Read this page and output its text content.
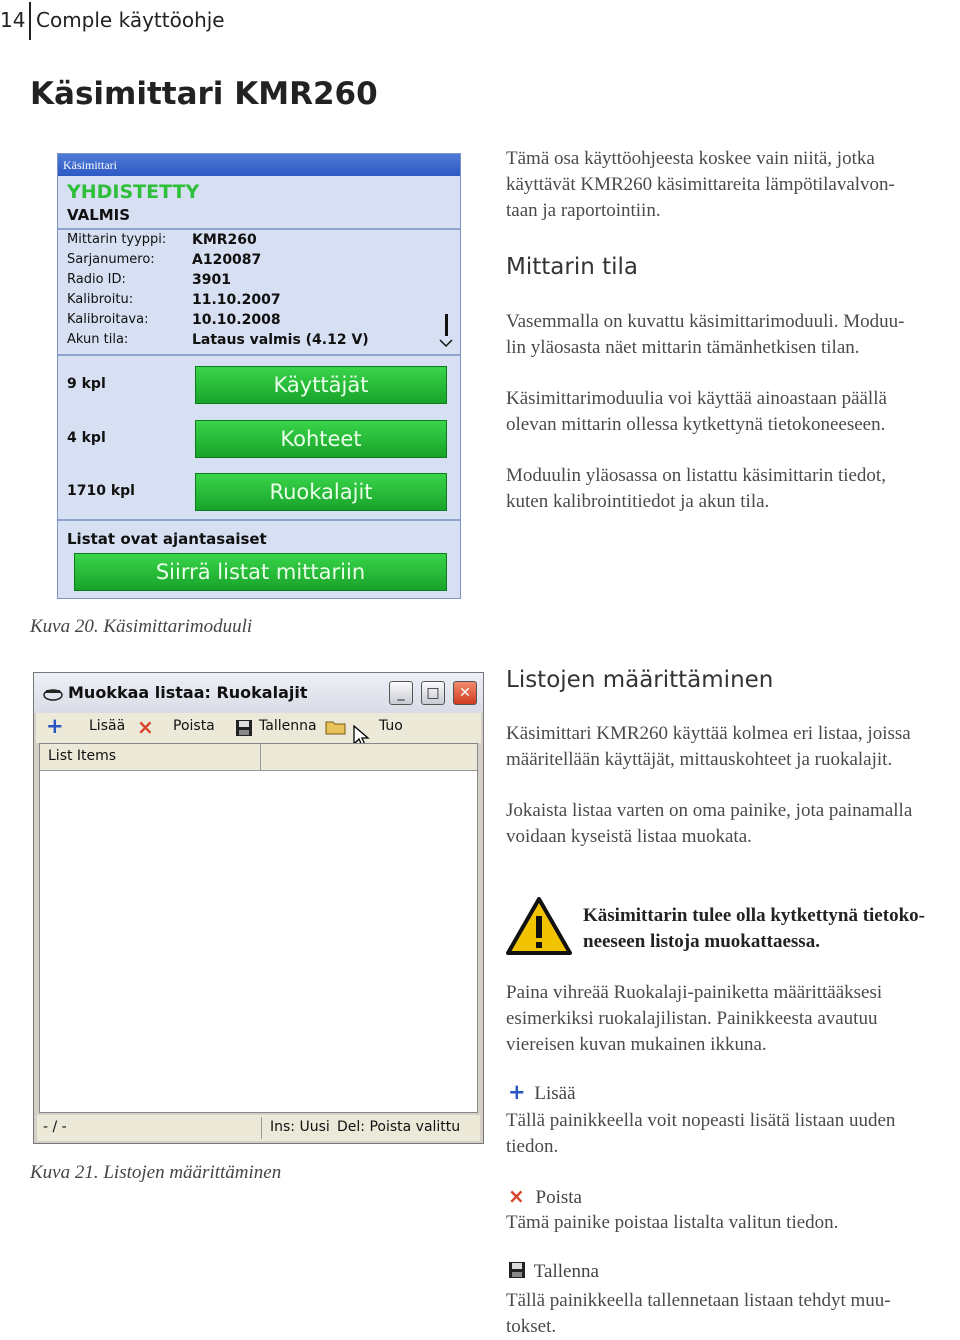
14 Comple käyttöohje
Käsimittari KMR260
Käsimittari
YHDISTETTY
VALMIS
Mittarin tyyppi: KMR260
Sarjanumero:	A120087
Radio ID:	3901
Kalibroitu:	11.10.2007
Kalibroitava:	10.10.2008
Akun tila:	Lataus valmis (4.12 V)
9 kpl	Käyttäjät
4 kpl	Kohteet
1710 kpl	Ruokalajit
Listat ovat ajantasaiset
Siirrä listat mittariin
Kuva 20. Käsimittarimoduuli
Muokkaa listaa: Ruokalajit	_	□	✕
+ Lisää × Poista	Tallenna	Tuo
List Items
- / -	Ins: Uusi Del: Poista valittu
Kuva 21. Listojen määrittäminen
Tämä osa käyttöohjeesta koskee vain niitä, jotka
käyttävät KMR260 käsimittareita lämpötilavalvon-
taan ja raportointiin.
Mittarin tila
Vasemmalla on kuvattu käsimittarimoduuli. Moduu-
lin yläosasta näet mittarin tämänhetkisen tilan.
Käsimittarimoduulia voi käyttää ainoastaan päällä
olevan mittarin ollessa kytkettynä tietokoneeseen.
Moduulin yläosassa on listattu käsimittarin tiedot,
kuten kalibrointitiedot ja akun tila.
Listojen määrittäminen
Käsimittari KMR260 käyttää kolmea eri listaa, joissa
määritellään käyttäjät, mittauskohteet ja ruokalajit.
Jokaista listaa varten on oma painike, jota painamalla
voidaan kyseistä listaa muokata.
Käsimittarin tulee olla kytkettynä tietoko-
neeseen listoja muokattaessa.
Paina vihreää Ruokalaji-painiketta määrittääksesi
esimerkiksi ruokalajilistan. Painikkeesta avautuu
viereisen kuvan mukainen ikkuna.
+ Lisää
Tällä painikkeella voit nopeasti lisätä listaan uuden
tiedon.
× Poista
Tämä painike poistaa listalta valitun tiedon.
Tallenna
Tällä painikkeella tallennetaan listaan tehdyt muu-
tokset.
